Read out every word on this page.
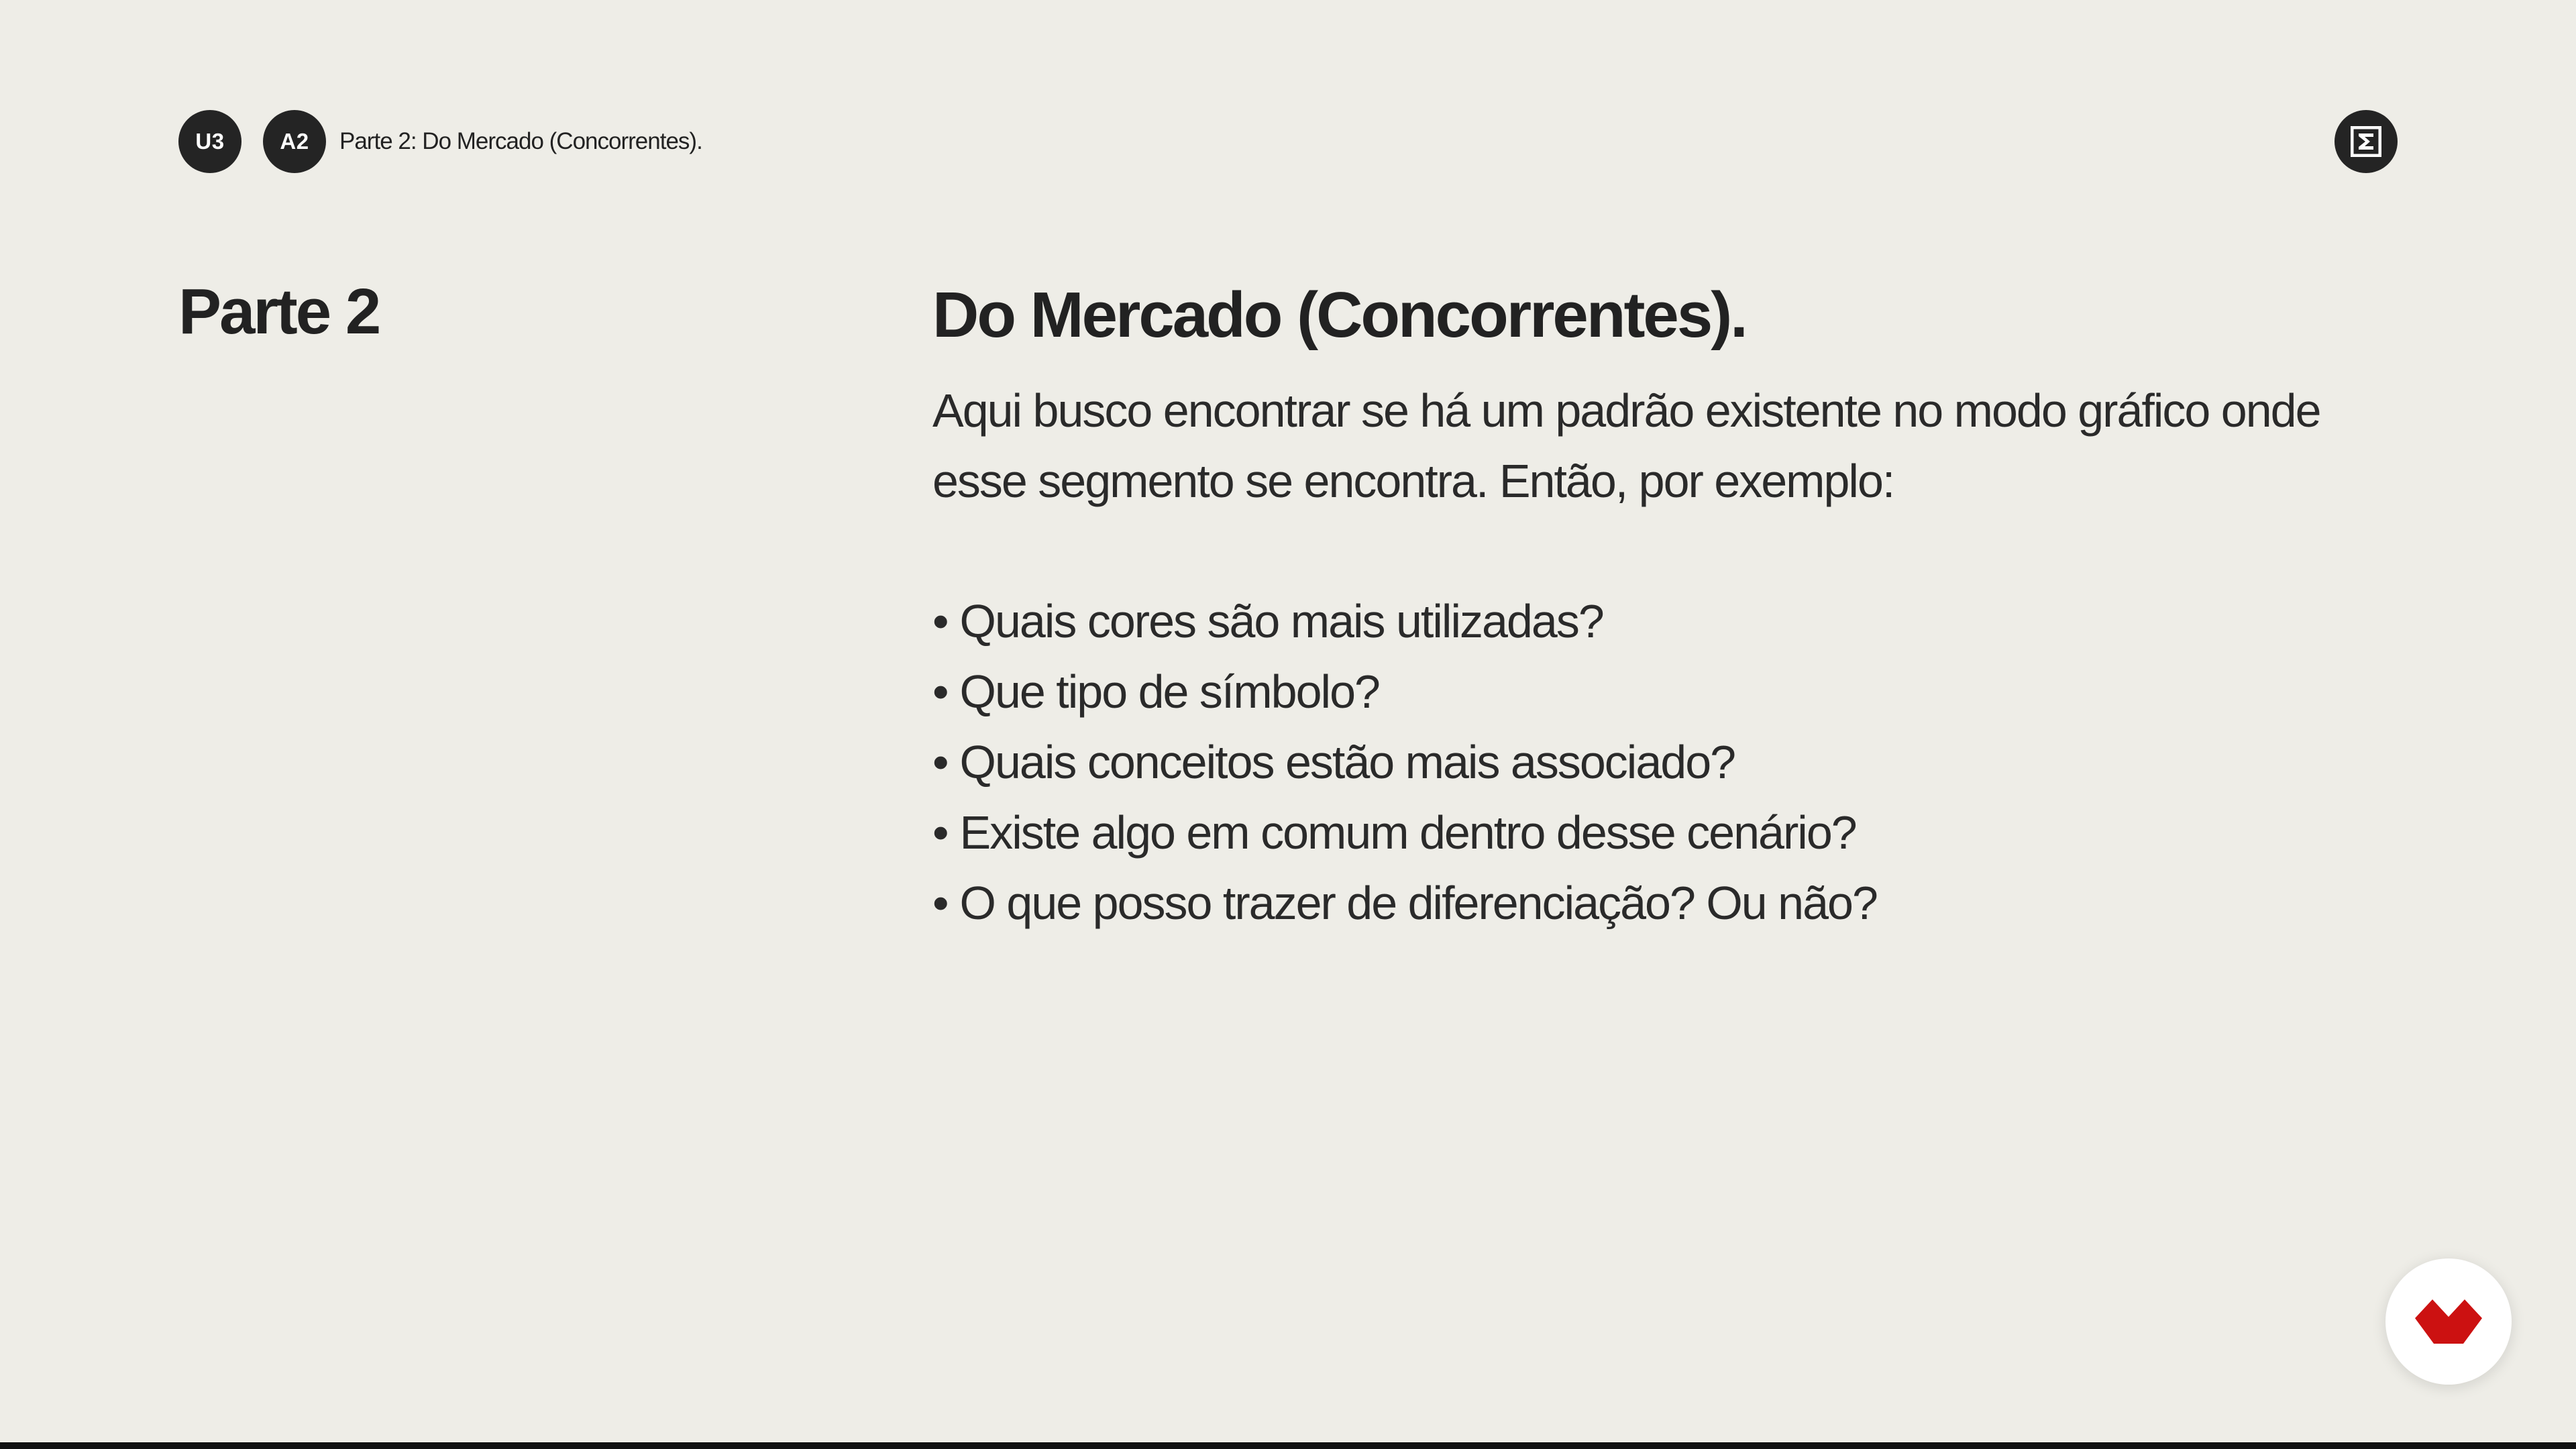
U3	A2	Parte 2: Do Mercado (Concorrentes).
Parte 2	Do Mercado (Concorrentes).

Aqui busco encontrar se há um padrão existente no modo gráfico onde esse segmento se encontra. Então, por exemplo:

• Quais cores são mais utilizadas?
• Que tipo de símbolo?
• Quais conceitos estão mais associado?
• Existe algo em comum dentro desse cenário?
• O que posso trazer de diferenciação? Ou não?
